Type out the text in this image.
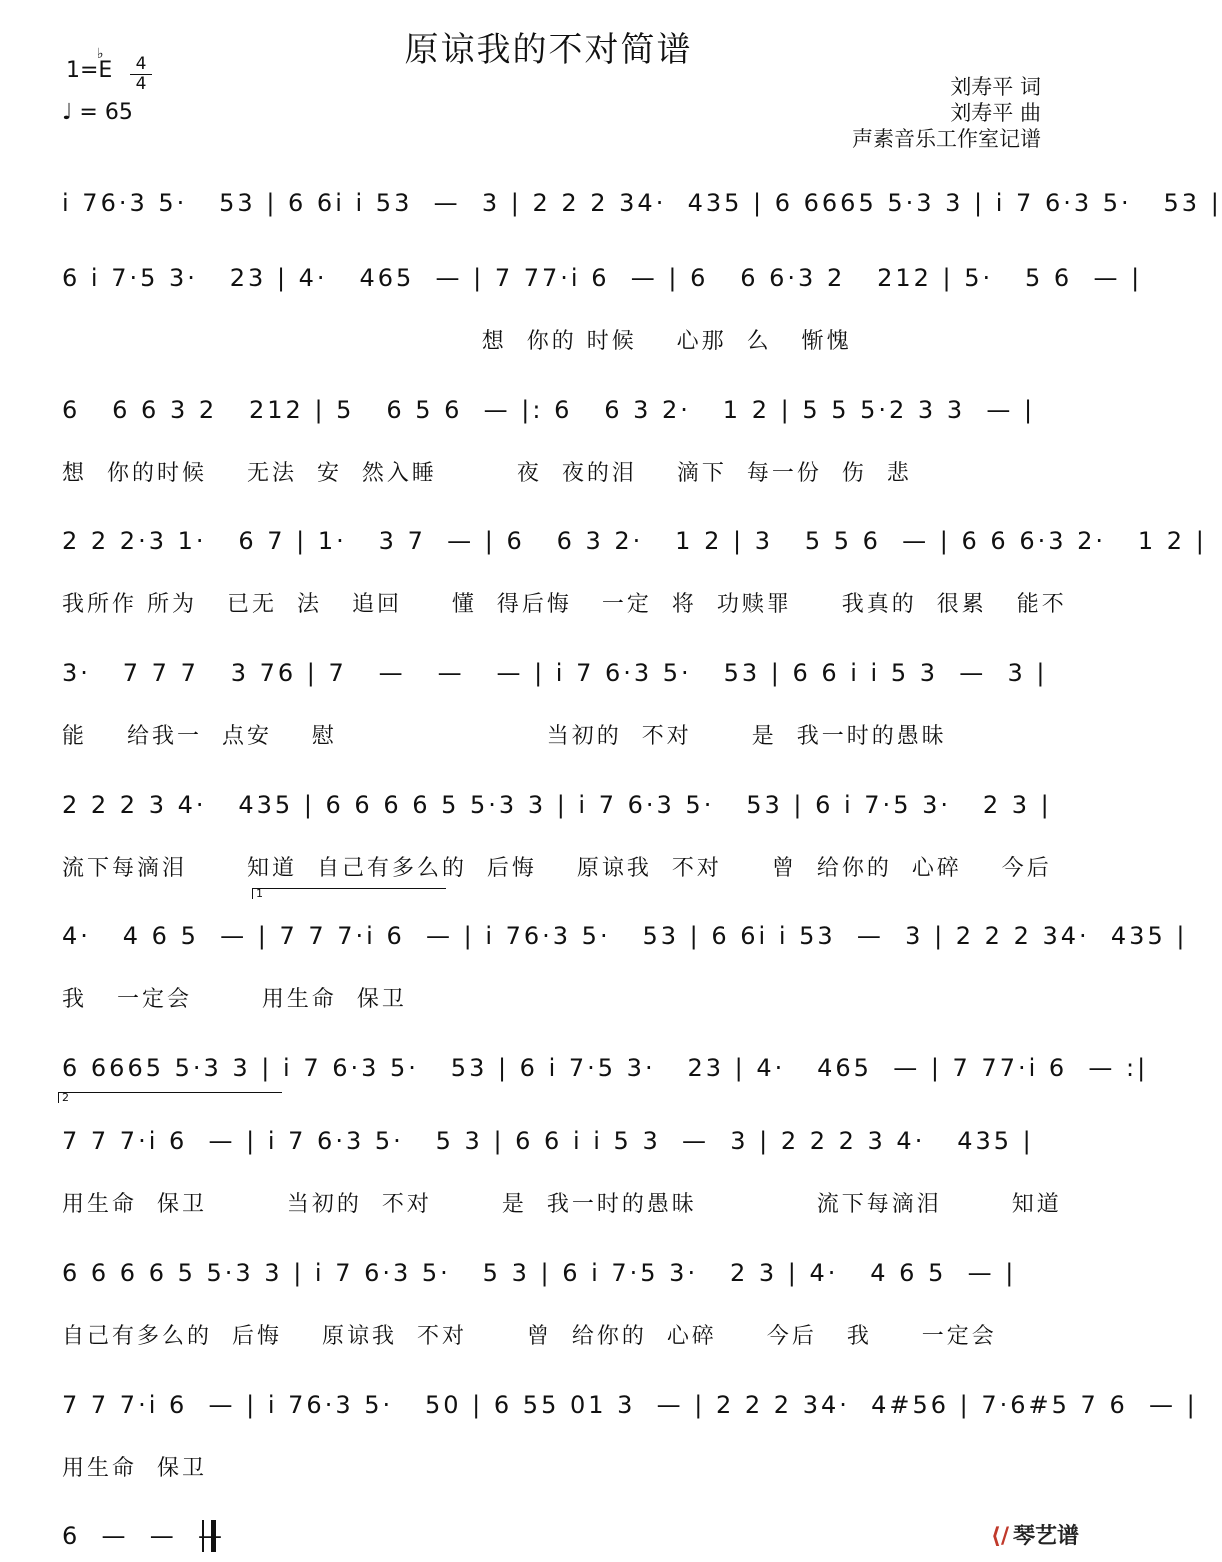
原谅我的不对简谱
1=E
♭	4
4
♩ = 65
刘寿平 词
刘寿平 曲
声素音乐工作室记谱
i 76·3 5·   53 | 6 6i i 53  —  3 | 2 2 2 34·  435 | 6 6665 5·3 3 | i 7 6·3 5·   53 |
6 i 7·5 3·   23 | 4·   465  — | 7 77·i 6  — | 6   6 6·3 2   212 | 5·   5 6  — |
想  你的 时候    心那  么   惭愧
6   6 6 3 2   212 | 5   6 5 6  — |: 6   6 3 2·   1 2 | 5 5 5·2 3 3  — |
想  你的时候    无法  安  然入睡        夜  夜的泪    滴下  每一份  伤  悲
2 2 2·3 1·   6 7 | 1·   3 7  — | 6   6 3 2·   1 2 | 3   5 5 6  — | 6 6 6·3 2·   1 2 |
我所作 所为   已无  法   追回     懂  得后悔   一定  将  功赎罪     我真的  很累   能不
3·   7 7 7   3 76 | 7   —   —   — | i 7 6·3 5·   53 | 6 6 i i 5 3  —  3 |
能    给我一  点安    慰                     当初的  不对      是  我一时的愚昧
2 2 2 3 4·   435 | 6 6 6 6 5 5·3 3 | i 7 6·3 5·   53 | 6 i 7·5 3·   2 3 |
流下每滴泪      知道  自己有多么的  后悔    原谅我  不对     曾  给你的  心碎    今后
1
4·   4 6 5  — | 7 7 7·i 6  — | i 76·3 5·   53 | 6 6i i 53  —  3 | 2 2 2 34·  435 |
我   一定会       用生命  保卫
6 6665 5·3 3 | i 7 6·3 5·   53 | 6 i 7·5 3·   23 | 4·   465  — | 7 77·i 6  — :|
2
7 7 7·i 6  — | i 7 6·3 5·   5 3 | 6 6 i i 5 3  —  3 | 2 2 2 3 4·   435 |
用生命  保卫        当初的  不对       是  我一时的愚昧            流下每滴泪       知道
6 6 6 6 5 5·3 3 | i 7 6·3 5·   5 3 | 6 i 7·5 3·   2 3 | 4·   4 6 5  — |
自己有多么的  后悔    原谅我  不对      曾  给你的  心碎     今后   我     一定会
7 7 7·i 6  — | i 76·3 5·   50 | 6 55 01 3  — | 2 2 2 34·  4#56 | 7·6#5 7 6  — |
用生命  保卫
6  —  —  —	⟨/ 琴艺谱
